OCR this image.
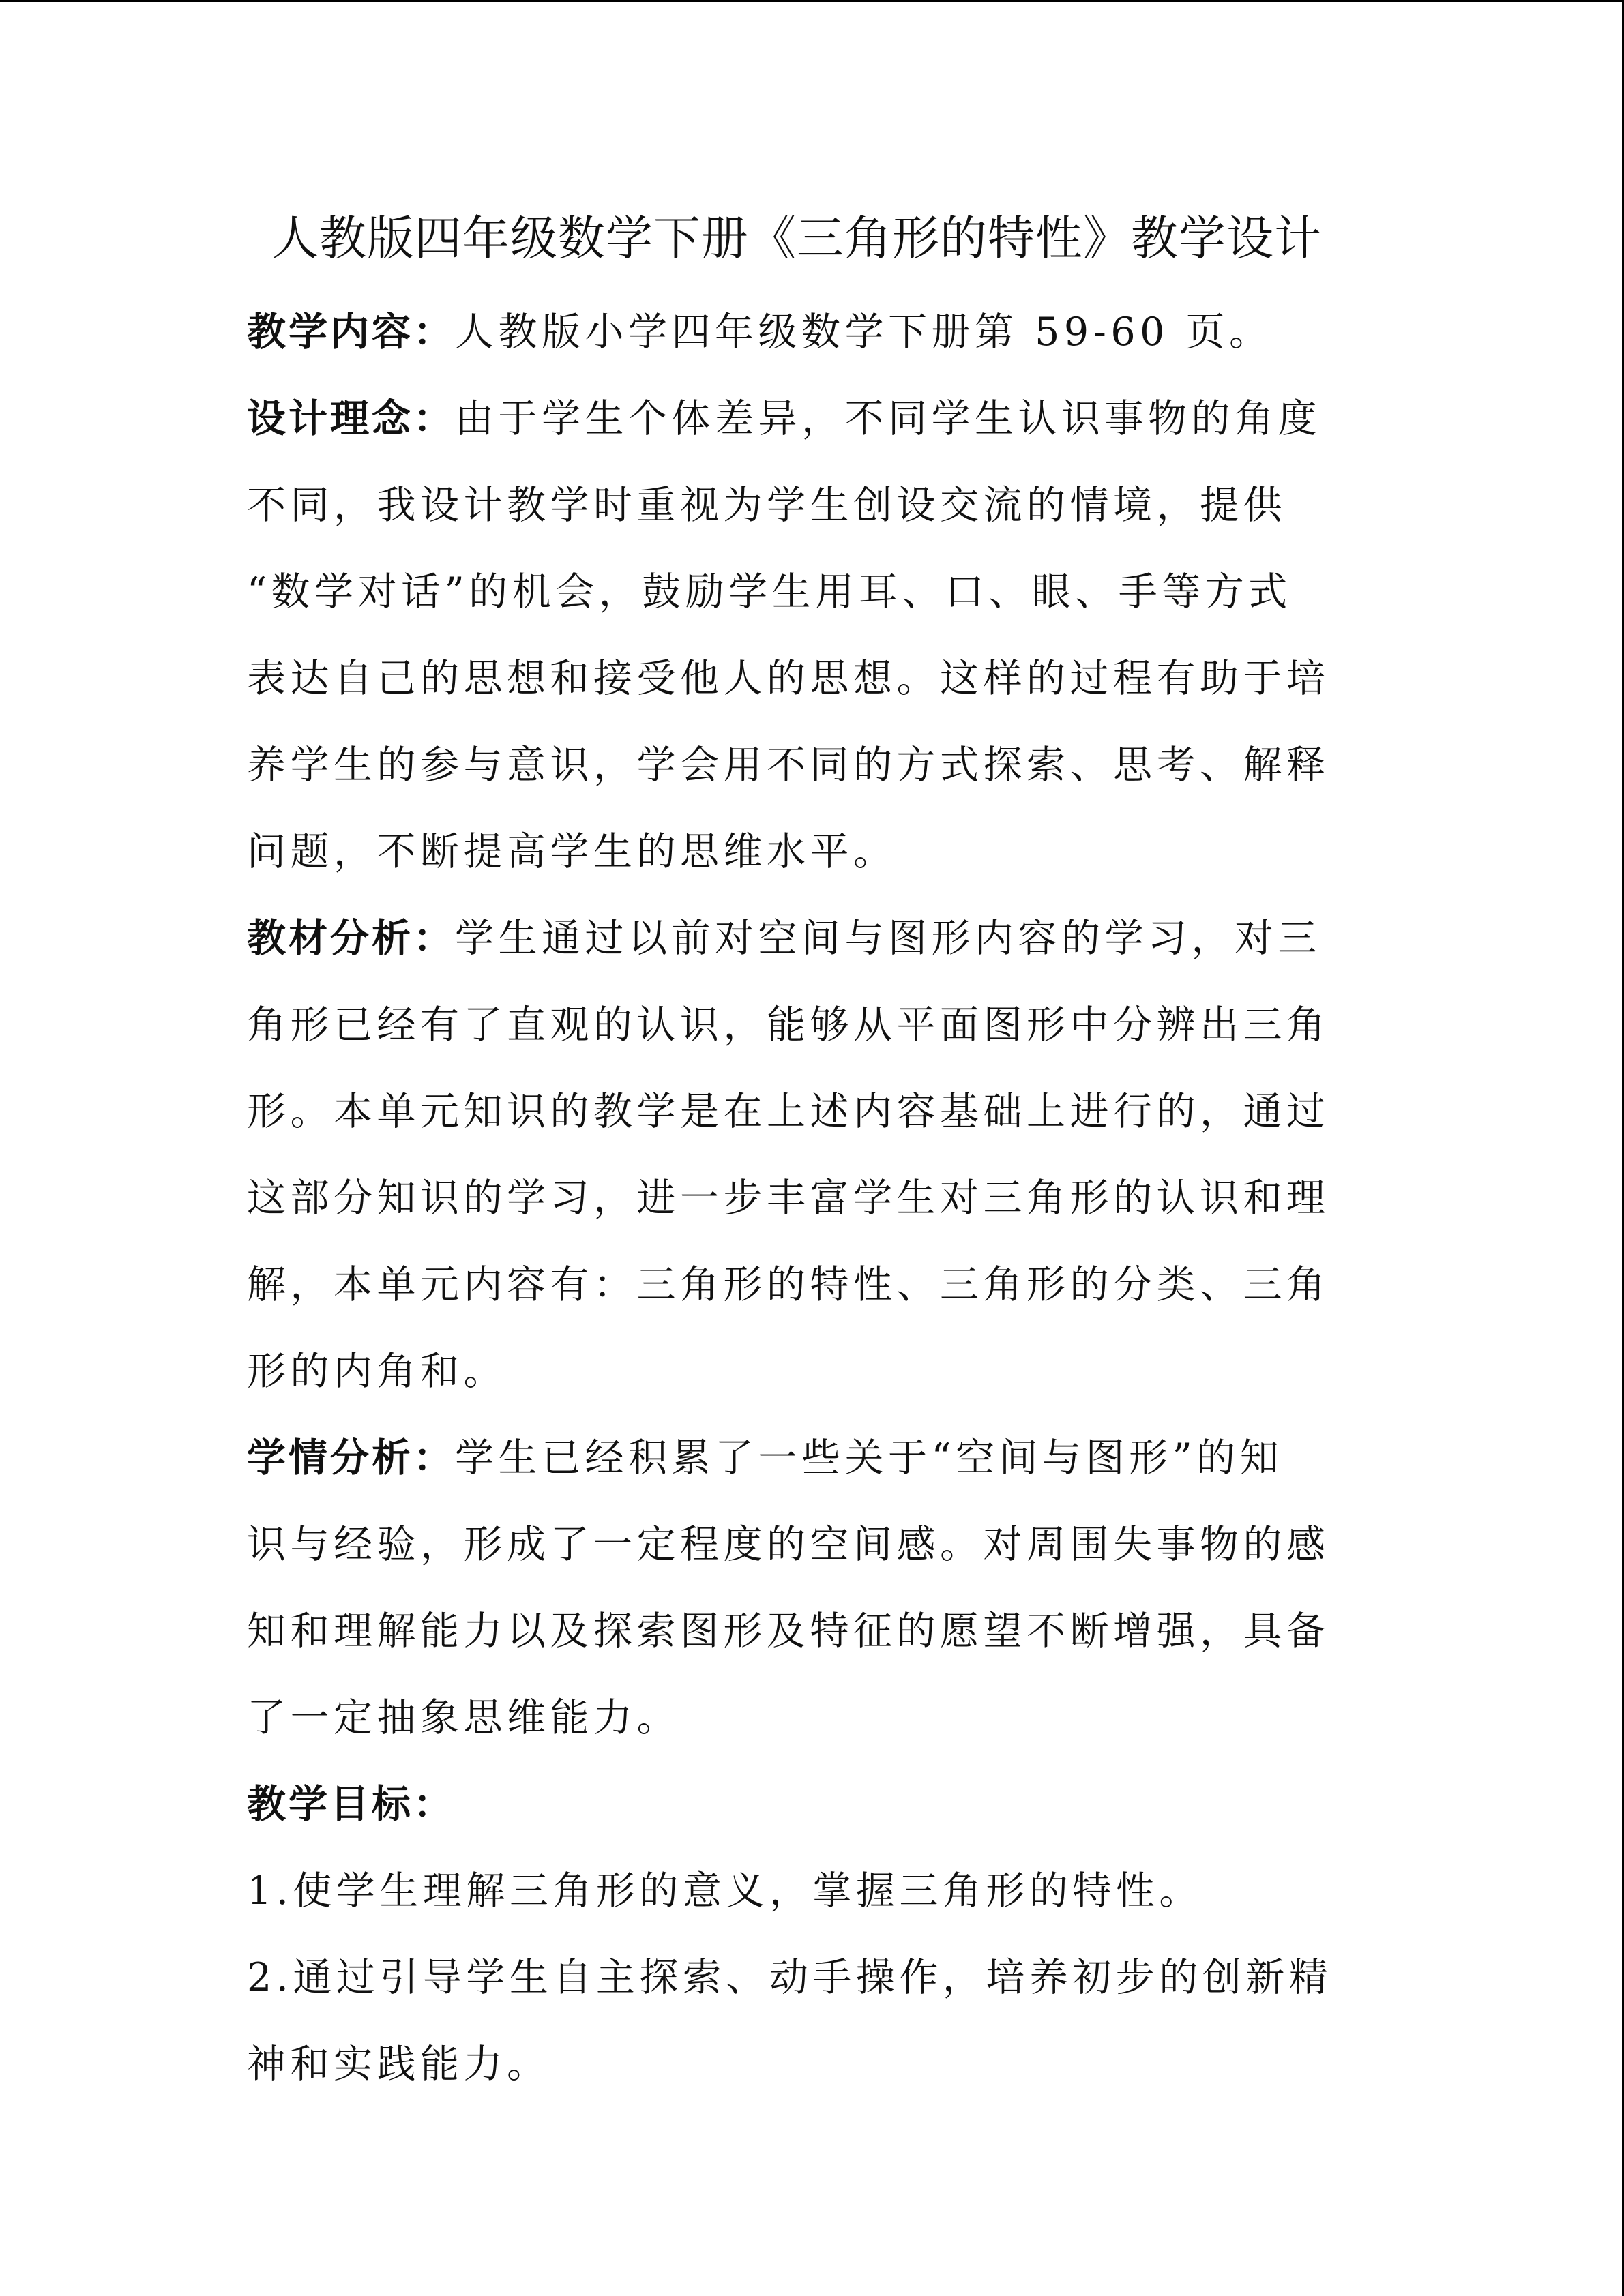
人教版四年级数学下册《三角形的特性》教学设计

教学内容：人教版小学四年级数学下册第 59-60 页。

设计理念：由于学生个体差异，不同学生认识事物的角度
不同，我设计教学时重视为学生创设交流的情境，提供
“数学对话”的机会，鼓励学生用耳、口、眼、手等方式
表达自己的思想和接受他人的思想。这样的过程有助于培
养学生的参与意识，学会用不同的方式探索、思考、解释
问题，不断提高学生的思维水平。

教材分析：学生通过以前对空间与图形内容的学习，对三
角形已经有了直观的认识，能够从平面图形中分辨出三角
形。本单元知识的教学是在上述内容基础上进行的，通过
这部分知识的学习，进一步丰富学生对三角形的认识和理
解，本单元内容有：三角形的特性、三角形的分类、三角
形的内角和。

学情分析：学生已经积累了一些关于“空间与图形”的知
识与经验，形成了一定程度的空间感。对周围失事物的感
知和理解能力以及探索图形及特征的愿望不断增强，具备
了一定抽象思维能力。

教学目标：

1.使学生理解三角形的意义，掌握三角形的特性。

2.通过引导学生自主探索、动手操作，培养初步的创新精
神和实践能力。
